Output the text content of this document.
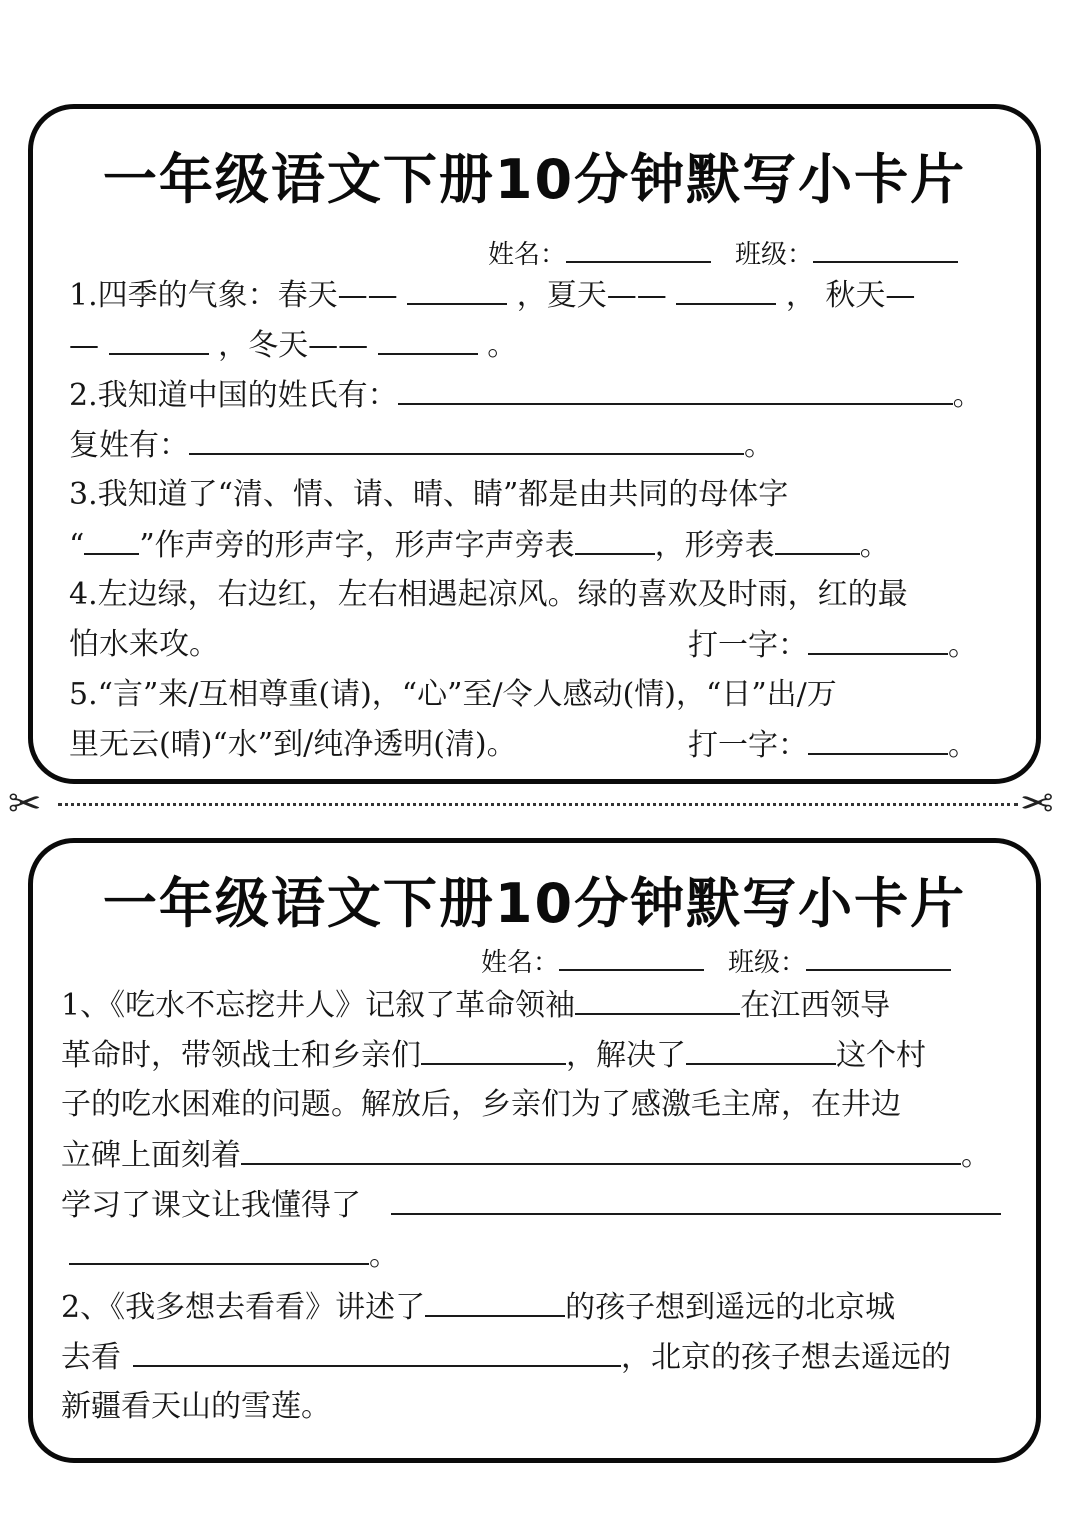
一年级语文下册10分钟默写小卡片
姓名：	班级：
1.四季的气象：春天——	，夏天——	， 秋天—
—	，冬天——	。
2.我知道中国的姓氏有：	。
复姓有：	。
3.我知道了“清、情、请、晴、睛”都是由共同的母体字
“ ”作声旁的形声字，形声字声旁表	，形旁表	。
4.左边绿，右边红，左右相遇起凉风。绿的喜欢及时雨，红的最
怕水来攻。	打一字：	。
5.“言”来/互相尊重(请)，“心”至/令人感动(情)，“日”出/万
里无云(晴)“水”到/纯净透明(清)。	打一字：	。
✂	✂
一年级语文下册10分钟默写小卡片
姓名：	班级：
1、《吃水不忘挖井人》记叙了革命领袖	在江西领导
革命时，带领战士和乡亲们	，解决了	这个村
子的吃水困难的问题。解放后，乡亲们为了感激毛主席，在井边
立碑上面刻着	。
学习了课文让我懂得了
。
2、《我多想去看看》讲述了	的孩子想到遥远的北京城
去看	，北京的孩子想去遥远的
新疆看天山的雪莲。
